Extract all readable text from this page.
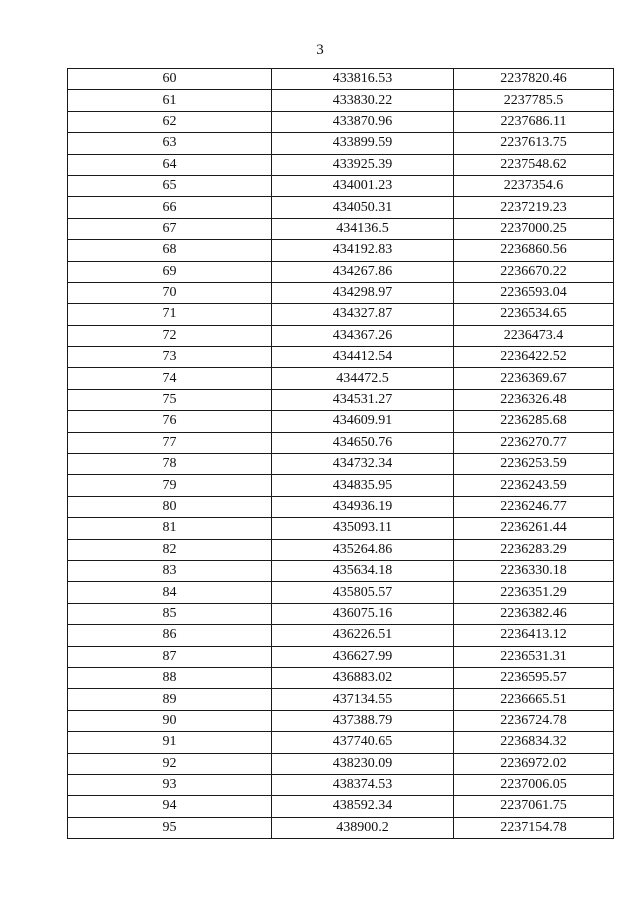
3
60	433816.53	2237820.46
61	433830.22	2237785.5
62	433870.96	2237686.11
63	433899.59	2237613.75
64	433925.39	2237548.62
65	434001.23	2237354.6
66	434050.31	2237219.23
67	434136.5	2237000.25
68	434192.83	2236860.56
69	434267.86	2236670.22
70	434298.97	2236593.04
71	434327.87	2236534.65
72	434367.26	2236473.4
73	434412.54	2236422.52
74	434472.5	2236369.67
75	434531.27	2236326.48
76	434609.91	2236285.68
77	434650.76	2236270.77
78	434732.34	2236253.59
79	434835.95	2236243.59
80	434936.19	2236246.77
81	435093.11	2236261.44
82	435264.86	2236283.29
83	435634.18	2236330.18
84	435805.57	2236351.29
85	436075.16	2236382.46
86	436226.51	2236413.12
87	436627.99	2236531.31
88	436883.02	2236595.57
89	437134.55	2236665.51
90	437388.79	2236724.78
91	437740.65	2236834.32
92	438230.09	2236972.02
93	438374.53	2237006.05
94	438592.34	2237061.75
95	438900.2	2237154.78
